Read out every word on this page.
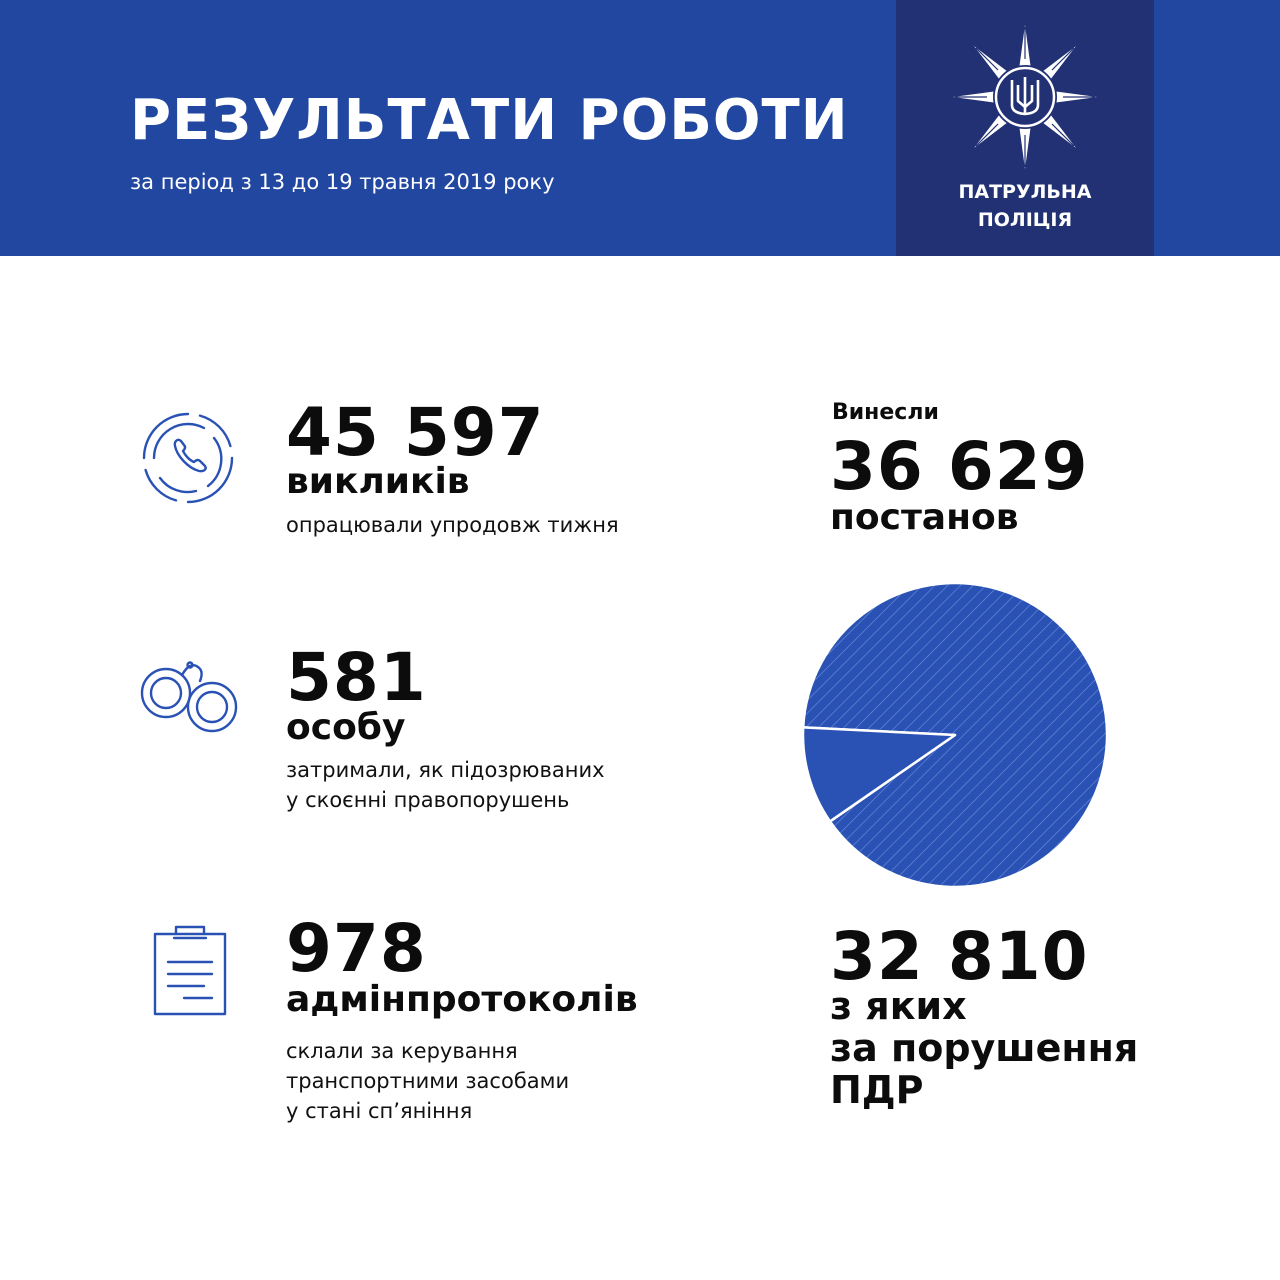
РЕЗУЛЬТАТИ РОБОТИ
за період з 13 до 19 травня 2019 року	ПАТРУЛЬНА
ПОЛІЦІЯ
45 597
викликів
опрацювали упродовж тижня
581
особу
затримали, як підозрюваних
у скоєнні правопорушень
978
адмінпротоколів
склали за керування
транспортними засобами
у стані сп’яніння
Винесли
36 629
постанов
32 810
з яких
за порушення
ПДР
